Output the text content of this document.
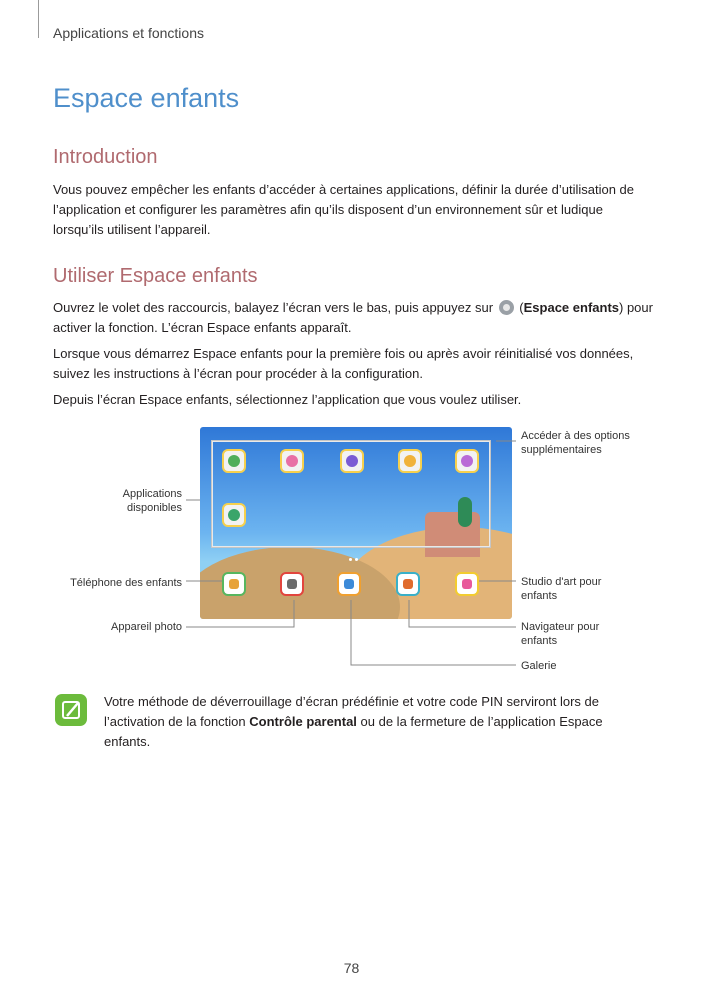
Applications et fonctions
Espace enfants
Introduction
Vous pouvez empêcher les enfants d’accéder à certaines applications, définir la durée d’utilisation de l’application et configurer les paramètres afin qu’ils disposent d’un environnement sûr et ludique lorsqu’ils utilisent l’appareil.
Utiliser Espace enfants
Ouvrez le volet des raccourcis, balayez l’écran vers le bas, puis appuyez sur  (Espace enfants) pour activer la fonction. L’écran Espace enfants apparaît.
Lorsque vous démarrez Espace enfants pour la première fois ou après avoir réinitialisé vos données, suivez les instructions à l’écran pour procéder à la configuration.
Depuis l’écran Espace enfants, sélectionnez l’application que vous voulez utiliser.
Accéder à des options supplémentaires
Applications disponibles
Téléphone des enfants
Appareil photo
Studio d'art pour enfants
Navigateur pour enfants
Galerie
Votre méthode de déverrouillage d’écran prédéfinie et votre code PIN serviront lors de l’activation de la fonction Contrôle parental ou de la fermeture de l’application Espace enfants.
78
